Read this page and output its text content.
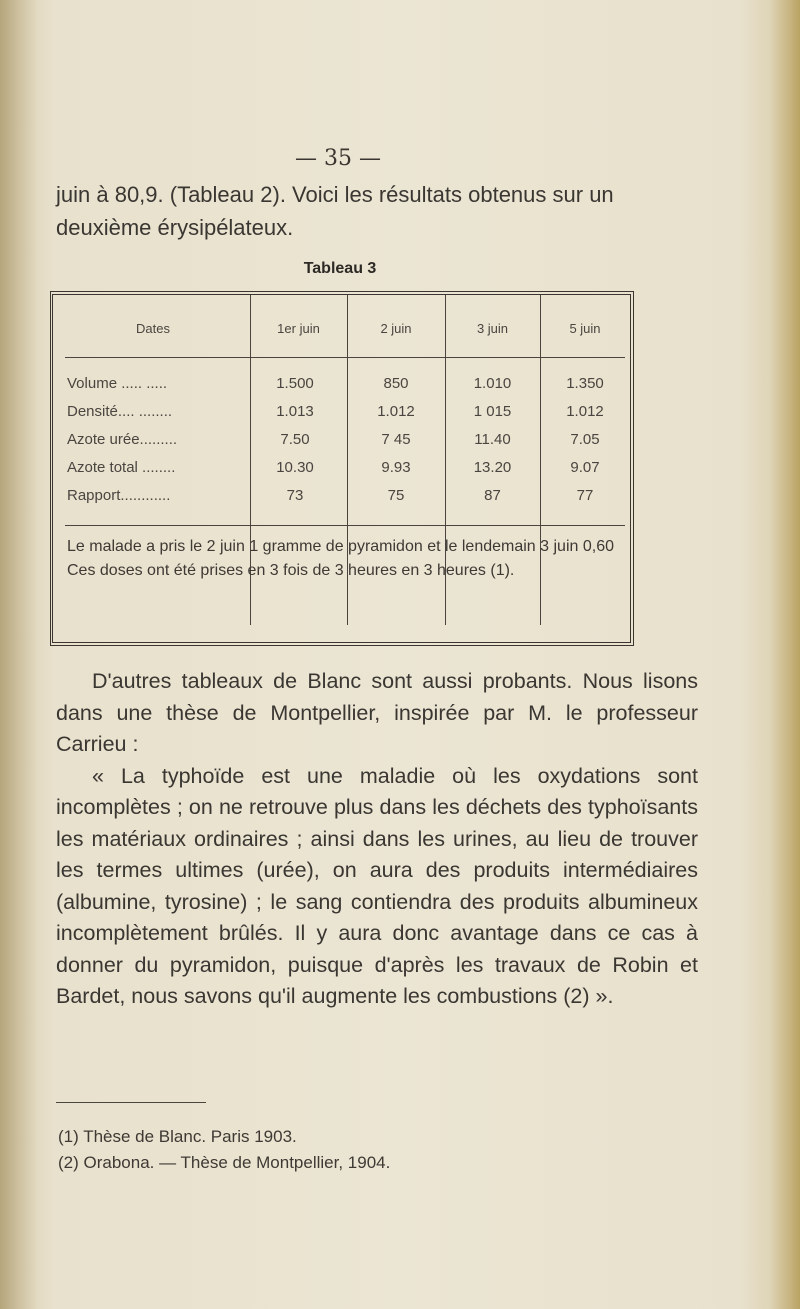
— 35 —
juin à 80,9. (Tableau 2). Voici les résultats obtenus sur un deuxième érysipélateux.
Tableau 3
Dates	1er juin	2 juin	3 juin	5 juin
Volume ..... .....	1.500	850	1.010	1.350
Densité.... ........	1.013	1.012	1 015	1.012
Azote urée.........	7.50	7 45	11.40	7.05
Azote total ........	10.30	9.93	13.20	9.07
Rapport............	73	75	87	77
Le malade a pris le 2 juin 1 gramme de pyramidon et le lendemain 3 juin 0,60 Ces doses ont été prises en 3 fois de 3 heures en 3 heures (1).

D'autres tableaux de Blanc sont aussi probants. Nous lisons dans une thèse de Montpellier, inspirée par M. le professeur Carrieu :

« La typhoïde est une maladie où les oxydations sont incomplètes ; on ne retrouve plus dans les déchets des typhoïsants les matériaux ordinaires ; ainsi dans les urines, au lieu de trouver les termes ultimes (urée), on aura des produits intermédiaires (albumine, tyrosine) ; le sang contiendra des produits albumineux incomplètement brûlés. Il y aura donc avantage dans ce cas à donner du pyramidon, puisque d'après les travaux de Robin et Bardet, nous savons qu'il augmente les combustions (2) ».

(1) Thèse de Blanc. Paris 1903.
(2) Orabona. — Thèse de Montpellier, 1904.
